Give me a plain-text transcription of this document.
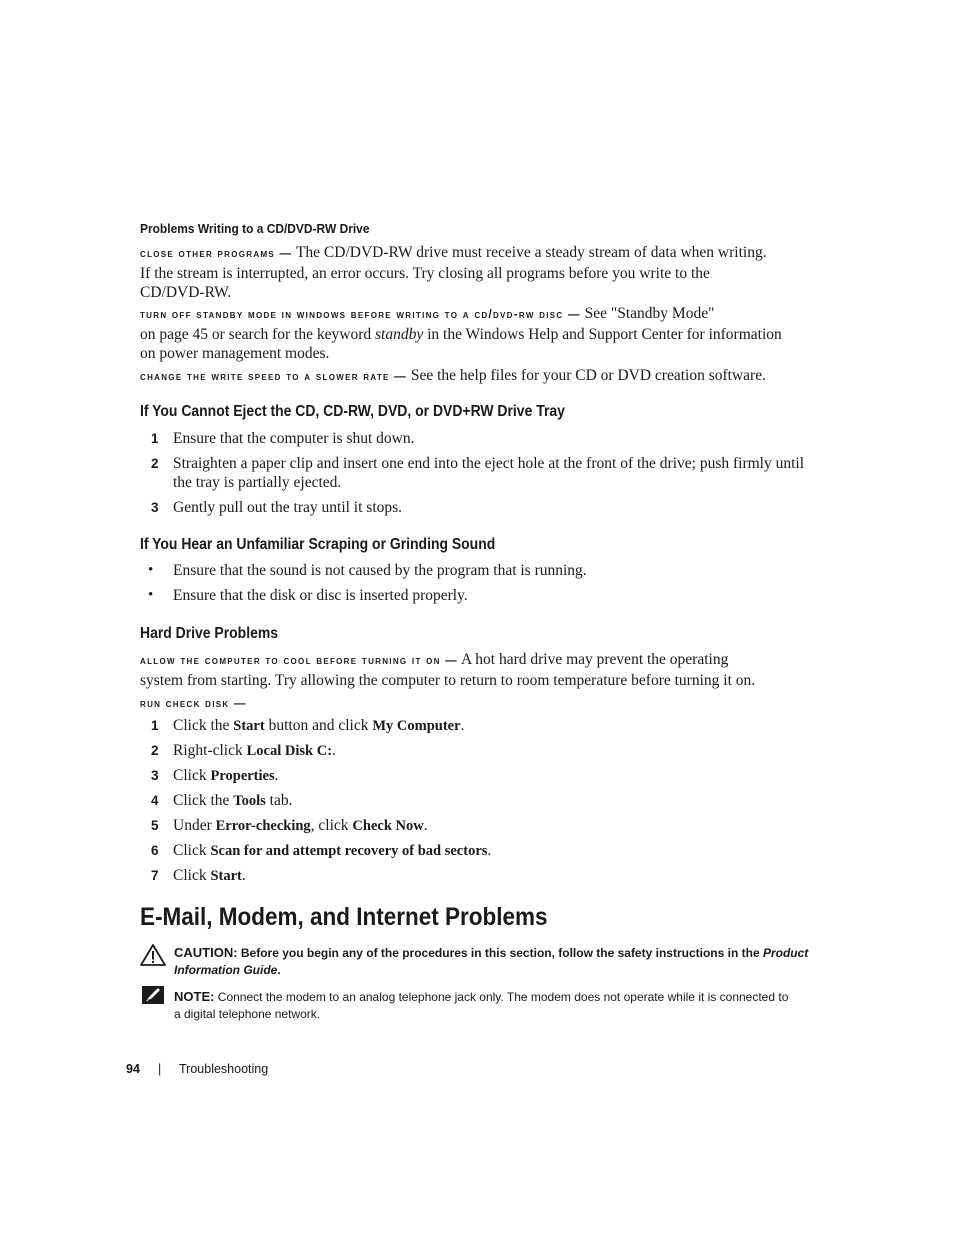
Problems Writing to a CD/DVD-RW Drive
close other programs — The CD/DVD-RW drive must receive a steady stream of data when writing.
If the stream is interrupted, an error occurs. Try closing all programs before you write to the
CD/DVD-RW.
turn off standby mode in windows before writing to a cd/dvd-rw disc — See "Standby Mode"
on page 45 or search for the keyword standby in the Windows Help and Support Center for information
on power management modes.
change the write speed to a slower rate — See the help files for your CD or DVD creation software.
If You Cannot Eject the CD, CD-RW, DVD, or DVD+RW Drive Tray
1 Ensure that the computer is shut down.
2 Straighten a paper clip and insert one end into the eject hole at the front of the drive; push firmly until
the tray is partially ejected.
3 Gently pull out the tray until it stops.
If You Hear an Unfamiliar Scraping or Grinding Sound
• Ensure that the sound is not caused by the program that is running.
• Ensure that the disk or disc is inserted properly.
Hard Drive Problems
allow the computer to cool before turning it on — A hot hard drive may prevent the operating
system from starting. Try allowing the computer to return to room temperature before turning it on.
run check disk —
1 Click the Start button and click My Computer.
2 Right-click Local Disk C:.
3 Click Properties.
4 Click the Tools tab.
5 Under Error-checking, click Check Now.
6 Click Scan for and attempt recovery of bad sectors.
7 Click Start.
E-Mail, Modem, and Internet Problems
CAUTION: Before you begin any of the procedures in this section, follow the safety instructions in the Product
Information Guide.
NOTE: Connect the modem to an analog telephone jack only. The modem does not operate while it is connected to
a digital telephone network.
94 | Troubleshooting
